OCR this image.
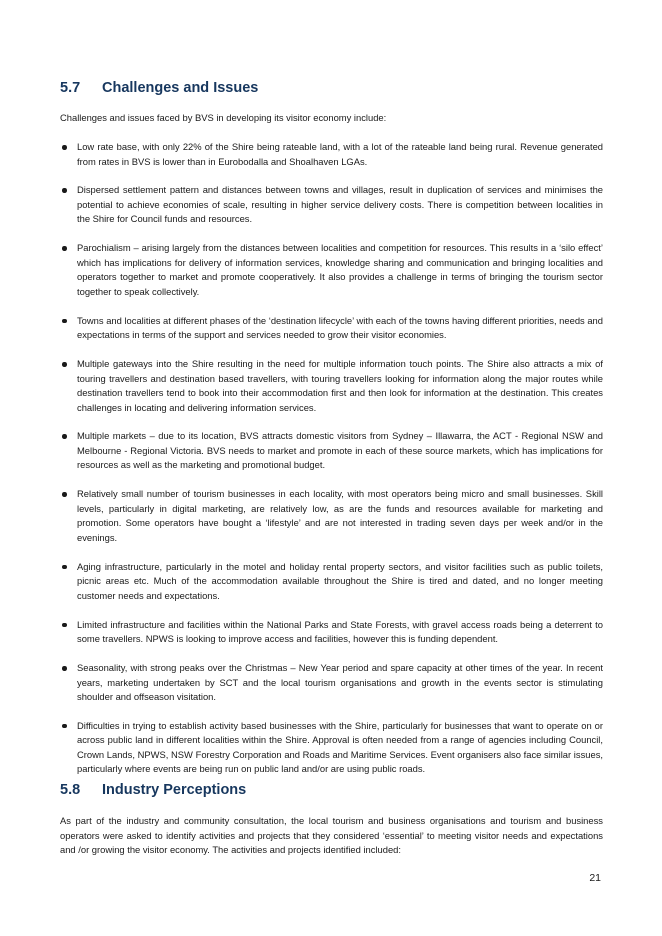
5.7 Challenges and Issues

Challenges and issues faced by BVS in developing its visitor economy include:

Low rate base, with only 22% of the Shire being rateable land, with a lot of the rateable land being rural. Revenue generated from rates in BVS is lower than in Eurobodalla and Shoalhaven LGAs.
Dispersed settlement pattern and distances between towns and villages, result in duplication of services and minimises the potential to achieve economies of scale, resulting in higher service delivery costs. There is competition between localities in the Shire for Council funds and resources.
Parochialism – arising largely from the distances between localities and competition for resources. This results in a ‘silo effect’ which has implications for delivery of information services, knowledge sharing and communication and bringing localities and operators together to market and promote cooperatively. It also provides a challenge in terms of bringing the tourism sector together to speak collectively.
Towns and localities at different phases of the ‘destination lifecycle’ with each of the towns having different priorities, needs and expectations in terms of the support and services needed to grow their visitor economies.
Multiple gateways into the Shire resulting in the need for multiple information touch points. The Shire also attracts a mix of touring travellers and destination based travellers, with touring travellers looking for information along the major routes while destination travellers tend to book into their accommodation first and then look for information at the destination. This creates challenges in locating and delivering information services.
Multiple markets – due to its location, BVS attracts domestic visitors from Sydney – Illawarra, the ACT - Regional NSW and Melbourne - Regional Victoria. BVS needs to market and promote in each of these source markets, which has implications for resources as well as the marketing and promotional budget.
Relatively small number of tourism businesses in each locality, with most operators being micro and small businesses. Skill levels, particularly in digital marketing, are relatively low, as are the funds and resources available for marketing and promotion. Some operators have bought a ‘lifestyle’ and are not interested in trading seven days per week and/or in the evenings.
Aging infrastructure, particularly in the motel and holiday rental property sectors, and visitor facilities such as public toilets, picnic areas etc. Much of the accommodation available throughout the Shire is tired and dated, and no longer meeting customer needs and expectations.
Limited infrastructure and facilities within the National Parks and State Forests, with gravel access roads being a deterrent to some travellers. NPWS is looking to improve access and facilities, however this is funding dependent.
Seasonality, with strong peaks over the Christmas – New Year period and spare capacity at other times of the year. In recent years, marketing undertaken by SCT and the local tourism organisations and growth in the events sector is stimulating shoulder and offseason visitation.
Difficulties in trying to establish activity based businesses with the Shire, particularly for businesses that want to operate on or across public land in different localities within the Shire. Approval is often needed from a range of agencies including Council, Crown Lands, NPWS, NSW Forestry Corporation and Roads and Maritime Services. Event organisers also face similar issues, particularly where events are being run on public land and/or are using public roads.
5.8 Industry Perceptions

As part of the industry and community consultation, the local tourism and business organisations and tourism and business operators were asked to identify activities and projects that they considered ‘essential’ to meeting visitor needs and expectations and /or growing the visitor economy. The activities and projects identified included:

21
